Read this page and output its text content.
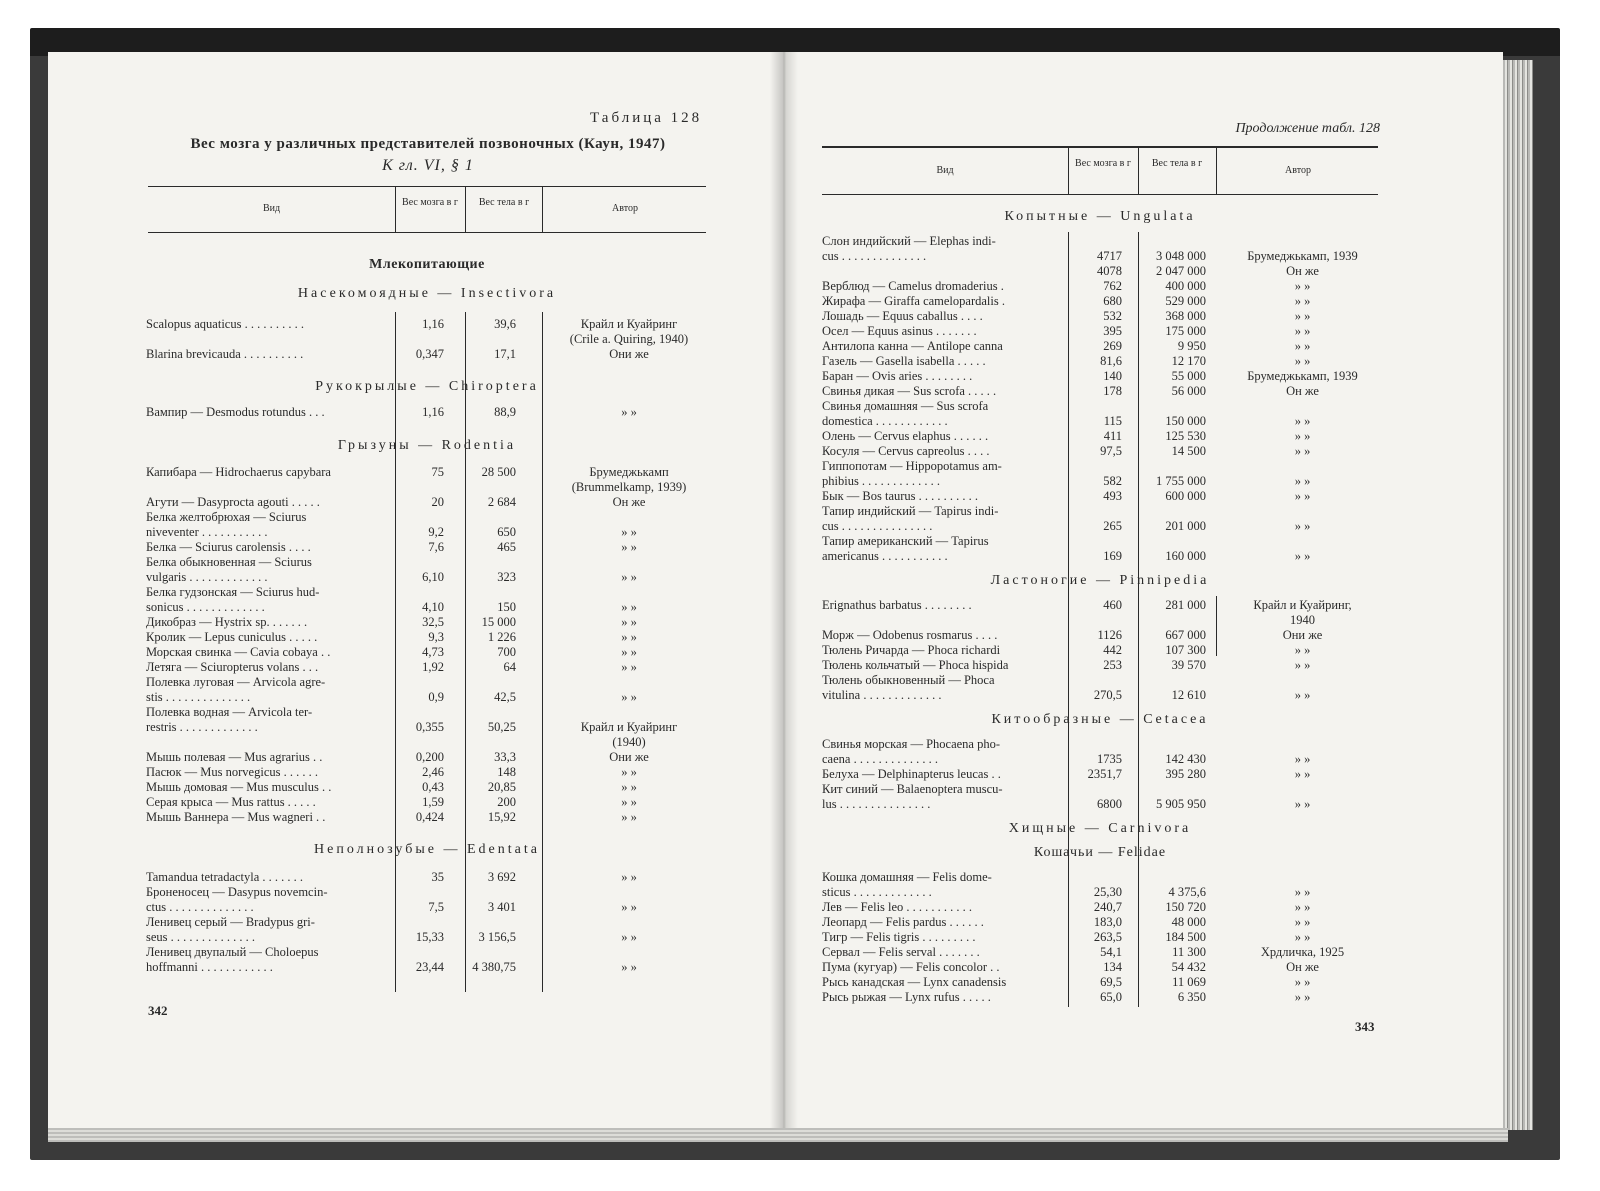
Таблица 128
Вес мозга у различных представителей позвоночных (Каун, 1947)
К гл. VI, § 1
Вид
Вес мозга в г	Вес тела в г
Автор
Млекопитающие
Насекомоядные — Insectivora
Scalopus aquaticus . . . . . . . . . .	1,16	39,6	Крайл и Куайринг
(Crile a. Quiring, 1940)
Blarina brevicauda . . . . . . . . . .	0,347	17,1	Они же
Рукокрылые — Chiroptera
Вампир — Desmodus rotundus . . .	1,16	88,9	» »
Грызуны — Rodentia
Капибара — Hidrochaerus capybara	75	28 500	Брумеджькамп
(Brummelkamp, 1939)
Агути — Dasyprocta agouti . . . . .	20	2 684	Он же
Белка желтобрюхая — Sciurus
niveventer . . . . . . . . . . .	9,2	650	» »
Белка — Sciurus carolensis . . . .	7,6	465	» »
Белка обыкновенная — Sciurus
vulgaris . . . . . . . . . . . . .	6,10	323	» »
Белка гудзонская — Sciurus hud-
sonicus . . . . . . . . . . . . .	4,10	150	» »
Дикобраз — Hystrix sp. . . . . . .	32,5	15 000	» »
Кролик — Lepus cuniculus . . . . .	9,3	1 226	» »
Морская свинка — Cavia cobaya . .	4,73	700	» »
Летяга — Sciuropterus volans . . .	1,92	64	» »
Полевка луговая — Arvicola agre-
stis . . . . . . . . . . . . . .	0,9	42,5	» »
Полевка водная — Arvicola ter-
restris . . . . . . . . . . . . .	0,355	50,25	Крайл и Куайринг
(1940)
Мышь полевая — Mus agrarius . .	0,200	33,3	Они же
Пасюк — Mus norvegicus . . . . . .	2,46	148	» »
Мышь домовая — Mus musculus . .	0,43	20,85	» »
Серая крыса — Mus rattus . . . . .	1,59	200	» »
Мышь Ваннера — Mus wagneri . .	0,424	15,92	» »
Неполнозубые — Edentata
Tamandua tetradactyla . . . . . . .	35	3 692	» »
Броненосец — Dasypus novemcin-
ctus . . . . . . . . . . . . . .	7,5	3 401	» »
Ленивец серый — Bradypus gri-
seus . . . . . . . . . . . . . .	15,33	3 156,5	» »
Ленивец двупалый — Choloepus
hoffmanni . . . . . . . . . . . .	23,44	4 380,75	» »
342
Продолжение табл. 128
Вид
Вес мозга в г	Вес тела в г
Автор
Копытные — Ungulata
Слон индийский — Elephas indi-
cus . . . . . . . . . . . . . .	4717	3 048 000	Брумеджькамп, 1939
4078	2 047 000	Он же
Верблюд — Camelus dromaderius .	762	400 000	» »
Жирафа — Giraffa camelopardalis .	680	529 000	» »
Лошадь — Equus caballus . . . .	532	368 000	» »
Осел — Equus asinus . . . . . . .	395	175 000	» »
Антилопа канна — Antilope canna	269	9 950	» »
Газель — Gasella isabella . . . . .	81,6	12 170	» »
Баран — Ovis aries . . . . . . . .	140	55 000	Брумеджькамп, 1939
Свинья дикая — Sus scrofa . . . . .	178	56 000	Он же
Свинья домашняя — Sus scrofa
domestica . . . . . . . . . . . .	115	150 000	» »
Олень — Cervus elaphus . . . . . .	411	125 530	» »
Косуля — Cervus capreolus . . . .	97,5	14 500	» »
Гиппопотам — Hippopotamus am-
phibius . . . . . . . . . . . . .	582	1 755 000	» »
Бык — Bos taurus . . . . . . . . . .	493	600 000	» »
Тапир индийский — Tapirus indi-
cus . . . . . . . . . . . . . . .	265	201 000	» »
Тапир американский — Tapirus
americanus . . . . . . . . . . .	169	160 000	» »
Ластоногие — Pinnipedia
Erignathus barbatus . . . . . . . .	460	281 000	Крайл и Куайринг,
1940
Морж — Odobenus rosmarus . . . .	1126	667 000	Они же
Тюлень Ричарда — Phoca richardi	442	107 300	» »
Тюлень кольчатый — Phoca hispida	253	39 570	» »
Тюлень обыкновенный — Phoca
vitulina . . . . . . . . . . . . .	270,5	12 610	» »
Китообразные — Cetacea
Свинья морская — Phocaena pho-
caena . . . . . . . . . . . . . .	1735	142 430	» »
Белуха — Delphinapterus leucas . .	2351,7	395 280	» »
Кит синий — Balaenoptera muscu-
lus . . . . . . . . . . . . . . .	6800	5 905 950	» »
Хищные — Carnivora
Кошачьи — Felidae
Кошка домашняя — Felis dome-
sticus . . . . . . . . . . . . .	25,30	4 375,6	» »
Лев — Felis leo . . . . . . . . . . .	240,7	150 720	» »
Леопард — Felis pardus . . . . . .	183,0	48 000	» »
Тигр — Felis tigris . . . . . . . . .	263,5	184 500	» »
Сервал — Felis serval . . . . . . .	54,1	11 300	Хрдличка, 1925
Пума (кугуар) — Felis concolor . .	134	54 432	Он же
Рысь канадская — Lynx canadensis	69,5	11 069	» »
Рысь рыжая — Lynx rufus . . . . .	65,0	6 350	» »
343
